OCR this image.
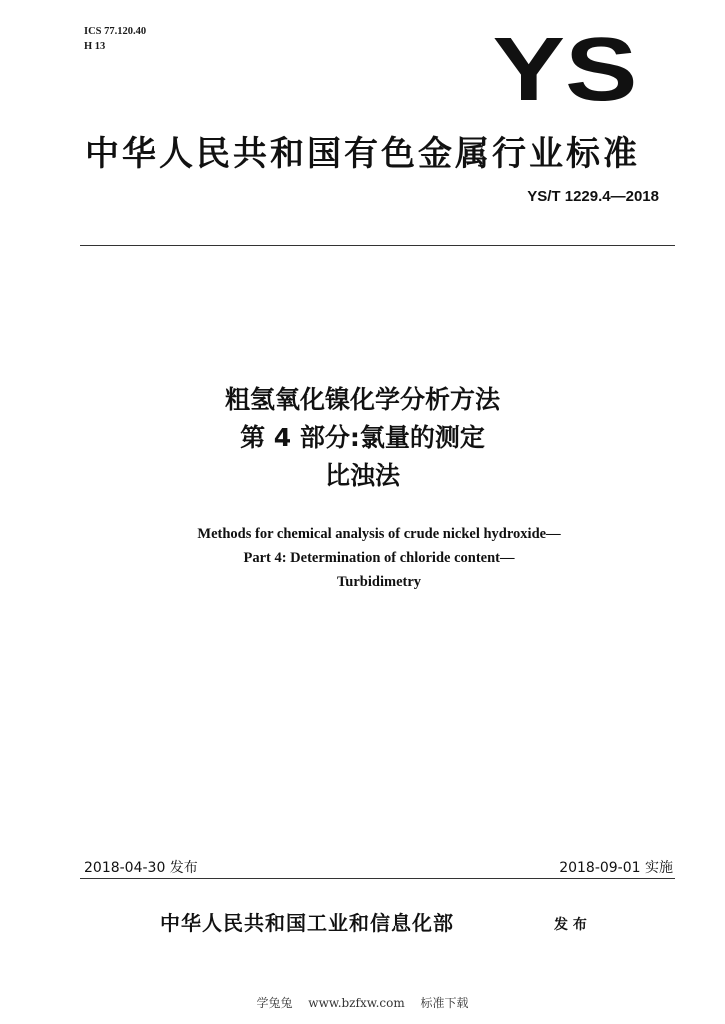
ICS 77.120.40
H 13	YS
中华人民共和国有色金属行业标准
YS/T 1229.4—2018
粗氢氧化镍化学分析方法
第 4 部分:氯量的测定
比浊法
Methods for chemical analysis of crude nickel hydroxide—
Part 4: Determination of chloride content—
Turbidimetry
2018-04-30 发布	2018-09-01 实施
中华人民共和国工业和信息化部	发 布
学兔兔 www.bzfxw.com 标准下载
